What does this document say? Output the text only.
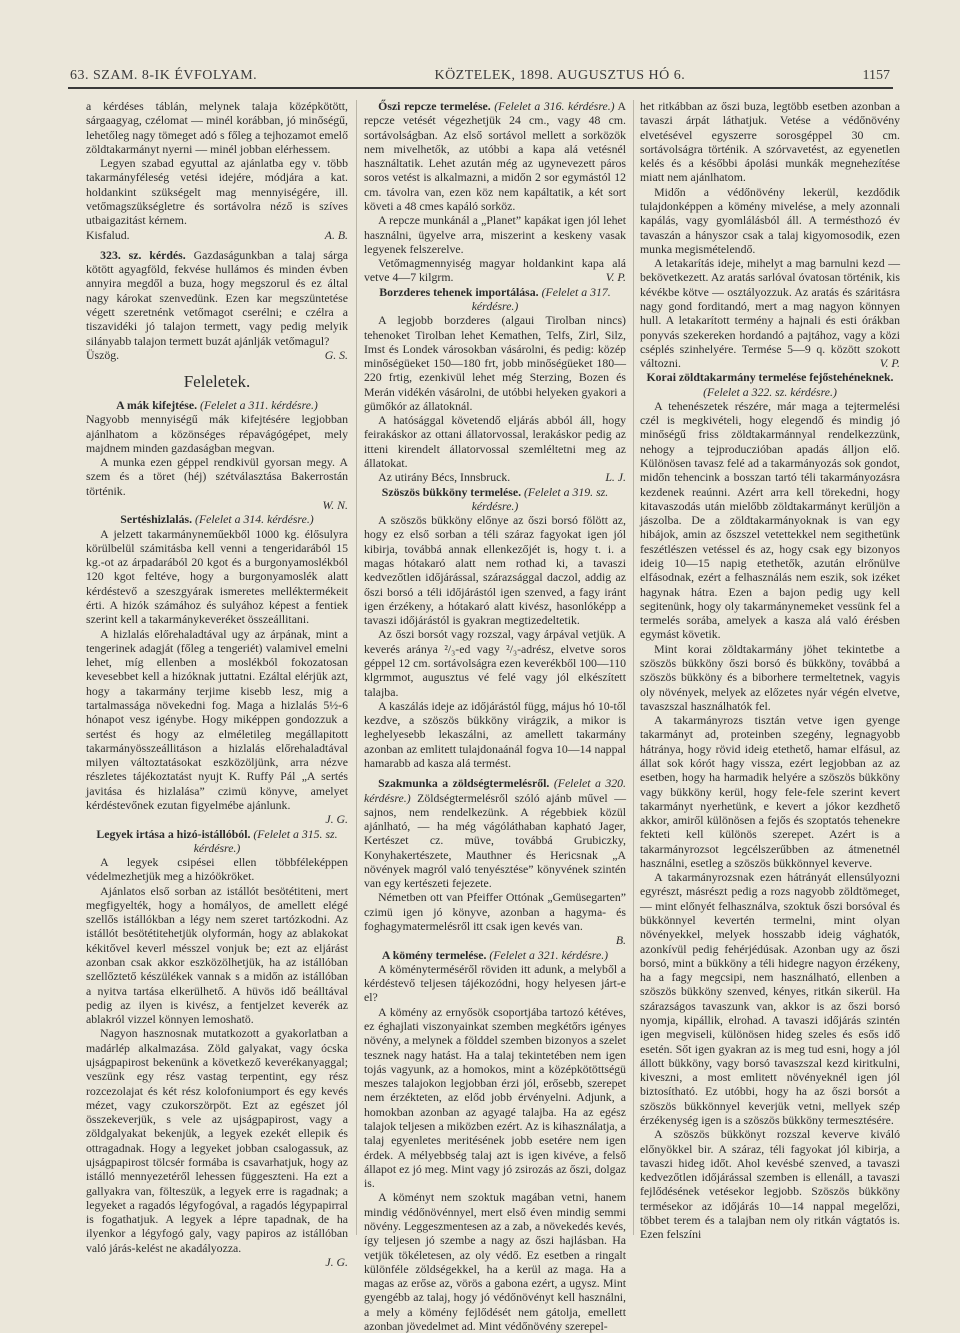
63. SZAM. 8-IK ÉVFOLYAM.	KÖZTELEK, 1898. AUGUSZTUS HÓ 6.	1157

a kérdéses táblán, melynek talaja középkötött, sárgaagyag, czélomat — minél korábban, jó minőségű, lehetőleg nagy tömeget adó s főleg a tejhozamot emelő zöldtakarmányt nyerni — minél jobban elérhessem.

Legyen szabad egyuttal az ajánlatba egy v. több takarmányféleség vetési idejére, módjára a kat. holdankint szükségelt mag mennyiségére, ill. vetőmagszükségletre és sortávolra néző is szíves utbaigazitást kérnem.

Kisfalud.	A. B.

323. sz. kérdés. Gazdaságunkban a talaj sárga kötött agyagföld, fekvése hullámos és minden évben annyira megdől a buza, hogy megszorul és ez által nagy károkat szenvedünk. Ezen kar megszüntetése végett szeretnénk vetőmagot cserélni; e czélra a tiszavidéki jó talajon termett, vagy pedig melyik silányabb talajon termett buzát ajánlják vetőmagul?

Üszög.	G. S.

Feleletek.

A mák kifejtése. (Felelet a 311. kérdésre.)

Nagyobb mennyiségű mák kifejtésére legjobban ajánlhatom a közönséges répavágógépet, mely majdnem minden gazdaságban megvan.

A munka ezen géppel rendkivül gyorsan megy. A szem és a töret (héj) szétválasztása Bakerrostán történik.

W. N.

Sertéshizlalás. (Felelet a 314. kérdésre.)

A jelzett takarmányneműekből 1000 kg. élősulyra körülbelül számitásba kell venni a tengeridarából 15 kg.-ot az árpadarából 20 kgot és a burgonyamoslékból 120 kgot feltéve, hogy a burgonyamoslék alatt kérdéstevő a szeszgyárak ismeretes melléktermékeit érti. A hizók számához és sulyához képest a fentiek szerint kell a takarmánykeveréket összeállitani.

A hizlalás előrehaladtával ugy az árpának, mint a tengerinek adagját (főleg a tengeriét) valamivel emelni lehet, míg ellenben a moslékból fokozatosan kevesebbet kell a hizóknak juttatni. Ezáltal elérjük azt, hogy a takarmány terjime kisebb lesz, mig a tartalmassága növekedni fog. Maga a hizlalás 5½-6 hónapot vesz igénybe. Hogy miképpen gondozzuk a sertést és hogy az elméletileg megállapitott takarmányösszeállitáson a hizlalás előrehaladtával milyen változtatásokat eszközöljünk, arra nézve részletes tájékoztatást nyujt K. Ruffy Pál „A sertés javitása és hizlalása” czimü könyve, amelyet kérdéstevőnek ezutan figyelmébe ajánlunk.

J. G.

Legyek irtása a hizó-istállóból. (Felelet a 315. sz. kérdésre.)

A legyek csipései ellen többféleképpen védelmezhetjük meg a hizóökröket.

Ajánlatos első sorban az istállót besötétiteni, mert megfigyelték, hogy a homályos, de amellett elégé szellős istállókban a légy nem szeret tartózkodni. Az istállót besötétitehetjük olyformán, hogy az ablakokat kékitővel keverl mésszel vonjuk be; ezt az eljárást azonban csak akkor eszközölhetjük, ha az istállóban szellőztető készülékek vannak s a midőn az istállóban a nyitva tartása elkerülhető. A hüvös idő beálltával pedig az ilyen is kivész, a fentjelzet keverék az ablakról vizzel könnyen lemoshatö.

Nagyon hasznosnak mutatkozott a gyakorlatban a madárlép alkalmazása. Zöld galyakat, vagy ócska ujságpapirost bekenünk a következő keverékanyaggal; veszünk egy rész vastag terpentint, egy rész rozcezolajat és két rész kolofoniumport és egy kevés mézet, vagy czukorszörpöt. Ezt az egészet jól összekeverjük, s vele az ujságpapirost, vagy a zöldgalyakat bekenjük, a legyek ezekét ellepik és ottragadnak. Hogy a legyeket jobban csalogassuk, az ujságpapirost tölcsér formába is csavarhatjuk, hogy az istálló mennyezetéről lehessen függeszteni. Ha ezt a gallyakra van, fölteszük, a legyek erre is ragadnak; a legyeket a ragadós légyfogóval, a ragadós légypapirral is fogathatjuk. A legyek a lépre tapadnak, de ha ilyenkor a légyfogó galy, vagy papiros az istállóban való járás-kelést ne akadályozza.

J. G.

Őszi repcze termelése. (Felelet a 316. kérdésre.) A repcze vetését végezhetjük 24 cm., vagy 48 cm. sortávolságban. Az első sortávol mellett a sorközök nem mivelhetők, az utóbbi a kapa alá vetésnél használtatik. Lehet azután még az ugynevezett páros soros vetést is alkalmazni, a midőn 2 sor egymástól 12 cm. távolra van, ezen köz nem kapáltatik, a két sort követi a 48 cmes kapáló sorköz.

A repcze munkánál a „Planet” kapákat igen jól lehet használni, ügyelve arra, miszerint a keskeny vasak legyenek felszerelve.

Vetőmagmennyiség magyar holdankint kapa alá vetve 4—7 kilgrm.	V. P.

Borzderes tehenek importálása. (Felelet a 317. kérdésre.)

A legjobb borzderes (algaui Tirolban nincs) tehenoket Tirolban lehet Kemathen, Telfs, Zirl, Silz, Imst és Londek városokban vásárolni, és pedig: közép minőségüeket 150—180 frt, jobb minőségüeket 180—220 frtig, ezenkivül lehet még Sterzing, Bozen és Merán vidékén vásárolni, de utóbbi helyeken gyakori a gümőkór az állatoknál.

A hatósággal követendő eljárás abból áll, hogy feirakáskor az ottani állatorvossal, lerakáskor pedig az itteni kirendelt állatorvossal szemléltetni meg az állatokat.

Az utirány Bécs, Innsbruck.	L. J.

Szöszös bükköny termelése. (Felelet a 319. sz. kérdésre.)

A szöszös bükköny előnye az őszi borsó fölött az, hogy ez első sorban a téli száraz fagyokat igen jól kibirja, továbbá annak ellenkezőjét is, hogy t. i. a magas hótakaró alatt nem rothad ki, a tavaszi kedvezőtlen időjárással, szárazsággal daczol, addig az őszi borsó a téli időjárástól igen szenved, a fagy iránt igen érzékeny, a hótakaró alatt kivész, hasonlóképp a tavaszi időjárástól is gyakran megtizedeltetik.

Az őszi borsót vagy rozszal, vagy árpával vetjük. A keverés aránya ²/₃-ed vagy ²/₃-adrész, elvetve soros géppel 12 cm. sortávolságra ezen keverékből 100—110 klgrmmot, augusztus vé felé vagy jól elkészített talajba.

A kaszálás ideje az időjárástól függ, május hó 10-től kezdve, a szöszös bükköny virágzik, a mikor is leghelyesebb lekaszálni, az amellett takarmány azonban az emlitett tulajdonaánál fogva 10—14 nappal hamarabb ad kasza alá termést.

Szakmunka a zöldségtermelésről. (Felelet a 320. kérdésre.) Zöldségtermelésről szóló ajánb művel — sajnos, nem rendelkezünk. A régebbiek közül ajánlható, — ha még vágóláthaban kapható Jager, Kertészet cz. müve, továbbá Grubiczky, Konyhakertészete, Mauthner és Hericsnak „A növények magról való tenyésztése” könyvének szintén van egy kertészeti fejezete.

Németben ott van Pfeiffer Ottónak „Gemüsegarten” czimü igen jó könyve, azonban a hagyma- és foghagymatermelésről itt csak igen kevés van.

B.

A kömény termelése. (Felelet a 321. kérdésre.)

A köményterméséről röviden itt adunk, a melyből a kérdéstevő teljesen tájékozódni, hogy helyesen járt-e el?

A kömény az ernyősök csoportjába tartozó kétéves, ez éghajlati viszonyainkat szemben megkétőrs igényes növény, a melynek a földdel szemben bizonyos a szelet tesznek nagy hatást. Ha a talaj tekintetében nem igen tojás vagyunk, az a homokos, mint a középkötöttségü meszes talajokon legjobban érzi jól, erősebb, szerepet nem érzékteten, az előd jobb érvényelni. Adjunk, a homokban azonban az agyagé talajba. Ha az egész talajok teljesen a miközben ezért. Az is kihasználatja, a talaj egyenletes meritésének jobb esetére nem igen érdek. A mélyebbség talaj azt is igen kivéve, a felső állapot ez jó meg. Mint vagy jó zsirozás az őszi, dolgaz is.

A köményt nem szoktuk magában vetni, hanem mindig védőnövénnyel, mert első éven mindig semmi növény. Leggeszmentesen az a zab, a növekedés kevés, így teljesen jó szembe a nagy az őszi hajlásban. Ha vetjük tökéletesen, az oly védő. Ez esetben a ringalt különféle zöldségekkel, ha a kerül az maga. Ha a magas az erőse az, vörös a gabona ezért, a ugysz. Mint gyengébb az talaj, hogy jó védőnövényt kell használni, a mely a kömény fejlődését nem gátolja, emellett azonban jövedelmet ad. Mint védőnövény szerepel-

het ritkábban az őszi buza, legtöbb esetben azonban a tavaszi árpát láthatjuk. Vetése a védőnövény elvetésével egyszerre sorosgéppel 30 cm. sortávolságra történik. A szórvavetést, az egyenetlen kelés és a későbbi ápolási munkák megnehezítése miatt nem ajánlhatom.

Midőn a védőnövény lekerül, kezdődik tulajdonképpen a kömény mivelése, a mely azonnali kapálás, vagy gyomlálásból áll. A termésthozó év tavaszán a hányszor csak a talaj kigyomosodik, ezen munka megismételendő.

A letakarítás ideje, mihelyt a mag barnulni kezd — bekövetkezett. Az aratás sarlóval óvatosan történik, kis kévékbe kötve — osztályozzuk. Az aratás és száritásra nagy gond forditandó, mert a mag nagyon könnyen hull. A letakarított termény a hajnali és esti órákban ponyvás szekereken hordandó a pajtához, vagy a közi cséplés szinhelyére. Termése 5—9 q. között szokott változni.	V. P.

Korai zöldtakarmány termelése fejőstehéneknek. (Felelet a 322. sz. kérdésre.)

A tehenészetek részére, már maga a tejtermelési czél is megkivételi, hogy elegendő és mindig jó minőségű friss zöldtakarmánnyal rendelkezzünk, nehogy a tejproduczióban apadás álljon elő. Különösen tavasz felé ad a takarmányozás sok gondot, midőn tehencink a bosszan tartó téli takarmányozásra kezdenek reaúnni. Azért arra kell törekedni, hogy kitavaszodás után mielőbb zöldtakarmányt kerüljön a jászolba. De a zöldtakarmányoknak is van egy hibájok, amin az őszszel vetettekkel nem segithetünk feszétlészen vetéssel és az, hogy csak egy bizonyos ideig 10—15 napig etethetők, azután elrőnülve elfásodnak, ezért a felhasználás nem eszik, sok izéket hagynak hátra. Ezen a bajon pedig ugy kell segitenünk, hogy oly takarmánynemeket vessünk fel a termelés sorába, amelyek a kasza alá való érésben egymást követik.

Mint korai zöldtakarmány jöhet tekintetbe a szöszös bükköny őszi borsó és bükköny, továbbá a szöszös bükköny és a biborhere termeltetnek, vagyis oly növények, melyek az előzetes nyár végén elvetve, tavaszszal használhatók fel.

A takarmányrozs tisztán vetve igen gyenge takarmányt ad, proteinben szegény, legnagyobb hátránya, hogy rövid ideig etethető, hamar elfásul, az állat sok kórót hagy vissza, ezért legjobban az az esetben, hogy ha harmadik helyére a szöszös bükköny vagy bükköny kerül, hogy fele-fele szerint kevert takarmányt nyerhetünk, e kevert a jókor kezdhető akkor, amiről különösen a fejős és szoptatós tehenekre fekteti kell különös szerepet. Azért is a takarmányrozsot legcélszerűbben az átmenetnél használni, esetleg a szöszös bükkönnyel keverve.

A takarmányrozsnak ezen hátrányát ellensúlyozni egyrészt, másrészt pedig a rozs nagyobb zöldtömeget, — mint előnyét felhasználva, szoktuk őszi borsóval és bükkönnyel kevertén termelni, mint olyan növényekkel, melyek hosszabb ideig vághatók, azonkívül pedig fehérjédúsak. Azonban ugy az őszi borsó, mint a bükköny a téli hidegre nagyon érzékeny, ha a fagy megcsipi, nem használható, ellenben a szöszös bükköny szenved, kényes, ritkán sikerül. Ha szárazságos tavaszunk van, akkor is az őszi borsó nyomja, kipállik, elrohad. A tavaszi időjárás szintén igen megviseli, különösen hideg szeles és esős idő esetén. Sőt igen gyakran az is meg tud esni, hogy a jól állott bükköny, vagy borsó tavaszszal kezd kiritkulni, kiveszni, a most emlitett növényeknél igen jól biztosítható. Ez utóbbi, hogy ha az őszi borsót a szöszös bükkönnyel keverjük vetni, mellyek szép érzékenység igen is a szöszös bükköny termesztésére.

A szöszös bükkönyt rozszal keverve kiváló előnyökkel bir. A száraz, téli fagyokat jól kibirja, a tavaszi hideg időt. Ahol kevésbé szenved, a tavaszi kedvezőtlen időjárással szemben is ellenáll, a tavaszi fejlődésének vetésekor legjobb. Szöszös bükköny termésekor az időjárás 10—14 nappal megelőzi, többet terem és a talajban nem oly ritkán vágtatós is. Ezen felszíni
